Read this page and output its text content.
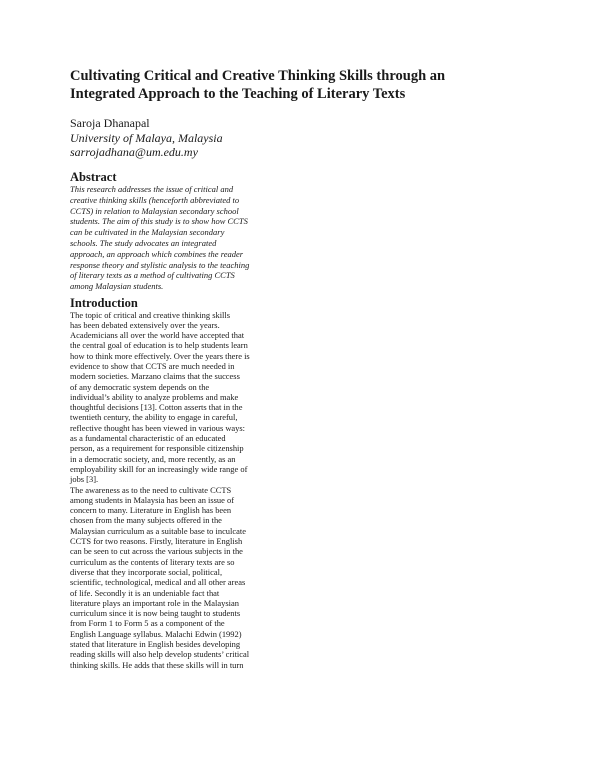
Cultivating Critical and Creative Thinking Skills through an Integrated Approach to the Teaching of Literary Texts
Saroja Dhanapal
University of Malaya, Malaysia
sarrojadhana@um.edu.my
Abstract
This research addresses the issue of critical and
creative thinking skills (henceforth abbreviated to
CCTS) in relation to Malaysian secondary school
students. The aim of this study is to show how CCTS
can be cultivated in the Malaysian secondary
schools. The study advocates an integrated
approach, an approach which combines the reader
response theory and stylistic analysis to the teaching
of literary texts as a method of cultivating CCTS
among Malaysian students.
Introduction
The topic of critical and creative thinking skills
has been debated extensively over the years.
Academicians all over the world have accepted that
the central goal of education is to help students learn
how to think more effectively. Over the years there is
evidence to show that CCTS are much needed in
modern societies. Marzano claims that the success
of any democratic system depends on the
individual’s ability to analyze problems and make
thoughtful decisions [13]. Cotton asserts that in the
twentieth century, the ability to engage in careful,
reflective thought has been viewed in various ways:
as a fundamental characteristic of an educated
person, as a requirement for responsible citizenship
in a democratic society, and, more recently, as an
employability skill for an increasingly wide range of
jobs [3].
The awareness as to the need to cultivate CCTS
among students in Malaysia has been an issue of
concern to many. Literature in English has been
chosen from the many subjects offered in the
Malaysian curriculum as a suitable base to inculcate
CCTS for two reasons. Firstly, literature in English
can be seen to cut across the various subjects in the
curriculum as the contents of literary texts are so
diverse that they incorporate social, political,
scientific, technological, medical and all other areas
of life. Secondly it is an undeniable fact that
literature plays an important role in the Malaysian
curriculum since it is now being taught to students
from Form 1 to Form 5 as a component of the
English Language syllabus. Malachi Edwin (1992)
stated that literature in English besides developing
reading skills will also help develop students’ critical
thinking skills. He adds that these skills will in turn
